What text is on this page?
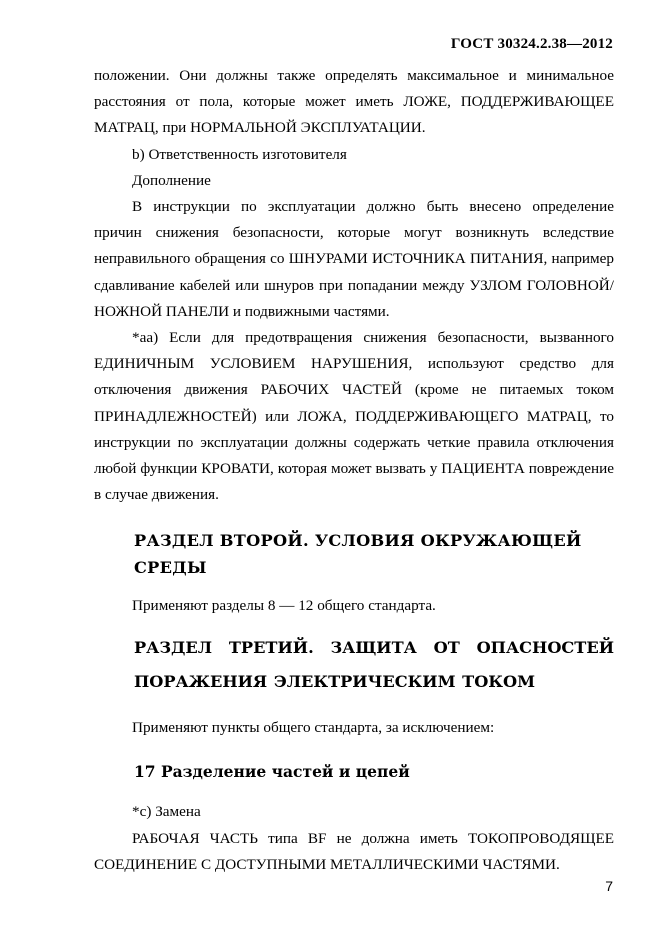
ГОСТ 30324.2.38—2012

положении. Они должны также определять максимальное и минимальное расстояния от пола, которые может иметь ЛОЖЕ, ПОДДЕРЖИВАЮЩЕЕ МАТРАЦ, при НОРМАЛЬНОЙ ЭКСПЛУАТАЦИИ.

b) Ответственность изготовителя

Дополнение

В инструкции по эксплуатации должно быть внесено определение причин снижения безопасности, которые могут возникнуть вследствие неправильного обращения со ШНУРАМИ ИСТОЧНИКА ПИТАНИЯ, например сдавливание кабелей или шнуров при попадании между УЗЛОМ ГОЛОВНОЙ/ НОЖНОЙ ПАНЕЛИ и подвижными частями.

*аа) Если для предотвращения снижения безопасности, вызванного ЕДИНИЧНЫМ УСЛОВИЕМ НАРУШЕНИЯ, используют средство для отключения движения РАБОЧИХ ЧАСТЕЙ (кроме не питаемых током ПРИНАДЛЕЖНОСТЕЙ) или ЛОЖА, ПОДДЕРЖИВАЮЩЕГО МАТРАЦ, то инструкции по эксплуатации должны содержать четкие правила отключения любой функции КРОВАТИ, которая может вызвать у ПАЦИЕНТА повреждение в случае движения.

РАЗДЕЛ ВТОРОЙ. УСЛОВИЯ ОКРУЖАЮЩЕЙ СРЕДЫ

Применяют разделы 8 — 12 общего стандарта.

РАЗДЕЛ ТРЕТИЙ. ЗАЩИТА ОТ ОПАСНОСТЕЙ
ПОРАЖЕНИЯ ЭЛЕКТРИЧЕСКИМ ТОКОМ

Применяют пункты общего стандарта, за исключением:

17 Разделение частей и цепей

*c) Замена

РАБОЧАЯ ЧАСТЬ типа BF не должна иметь ТОКОПРОВОДЯЩЕЕ СОЕДИНЕНИЕ С ДОСТУПНЫМИ МЕТАЛЛИЧЕСКИМИ ЧАСТЯМИ.

7
